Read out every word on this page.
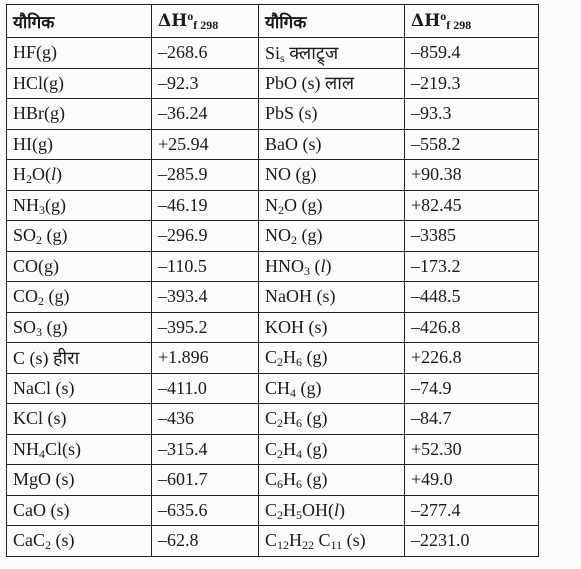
यौगिक	$\Delta H^o_{f 298}$	यौगिक	$\Delta H^o_{f 298}$
HF(g)	–268.6	$Si_s$ क्लाट्र्ज	–859.4
HCl(g)	–92.3	PbO (s) लाल	–219.3
HBr(g)	–36.24	PbS (s)	–93.3
HI(g)	+25.94	BaO (s)	–558.2
$H_2O(l)$	–285.9	NO (g)	+90.38
$NH_3(g)$	–46.19	$N_2O$ (g)	+82.45
$SO_2$ (g)	–296.9	$NO_2$ (g)	–3385
CO(g)	–110.5	$HNO_3$ (l)	–173.2
$CO_2$ (g)	–393.4	NaOH (s)	–448.5
$SO_3$ (g)	–395.2	KOH (s)	–426.8
C (s) हीरा	+1.896	$C_2H_6$ (g)	+226.8
NaCl (s)	–411.0	$CH_4$ (g)	–74.9
KCl (s)	–436	$C_2H_6$ (g)	–84.7
$NH_4Cl(s)$	–315.4	$C_2H_4$ (g)	+52.30
MgO (s)	–601.7	$C_6H_6$ (g)	+49.0
CaO (s)	–635.6	$C_2H_5OH(l)$	–277.4
CaC$_2$ (s)	–62.8	$C_{12}H_{22}$ $C_{11}$ (s)	–2231.0
